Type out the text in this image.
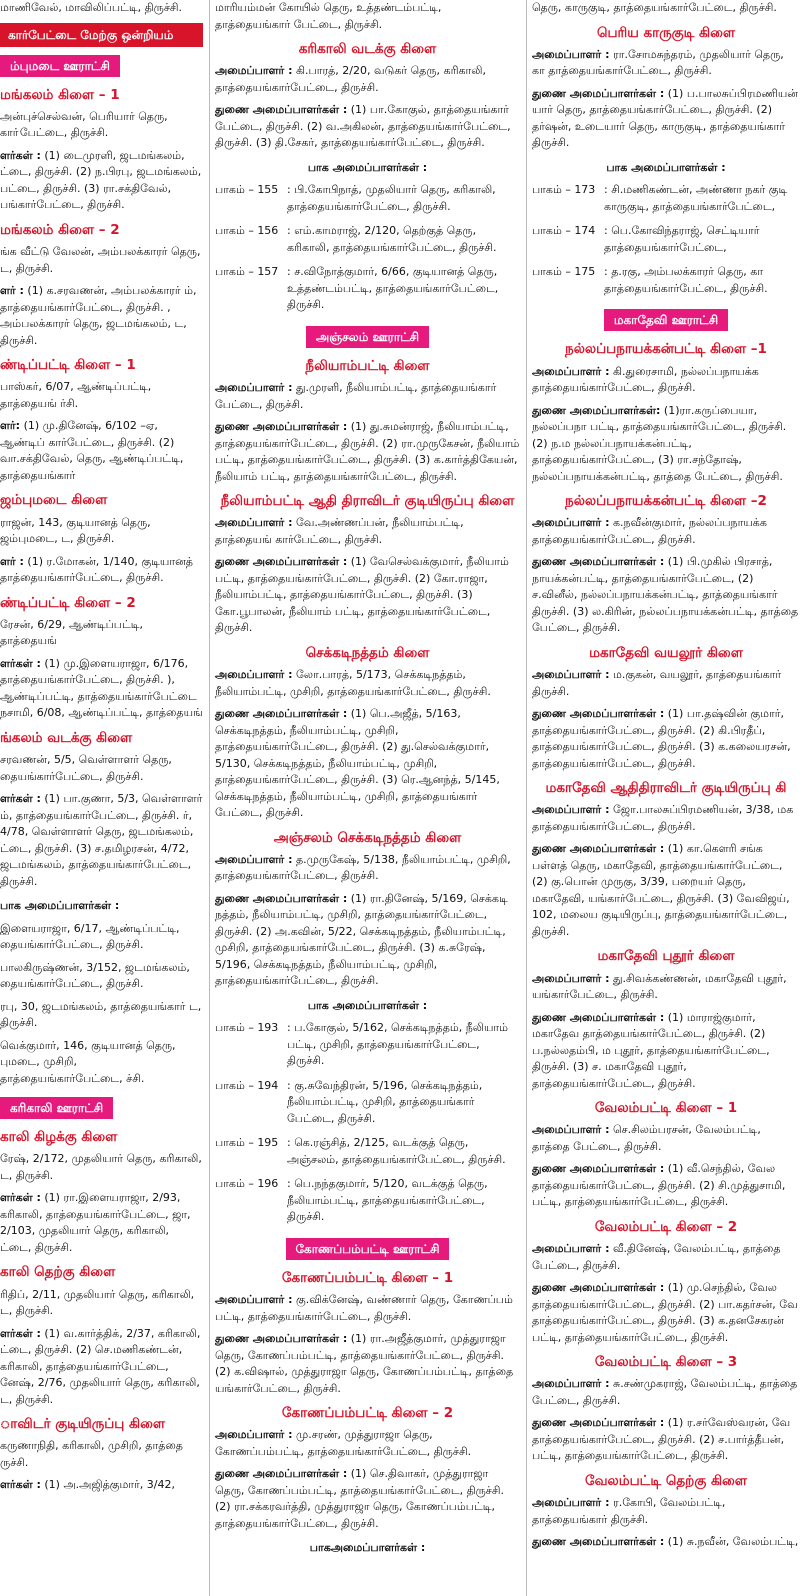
மாணிவேல், மாவிலிப்பட்டி, திருச்சி.
கார்பேட்டை மேற்கு ஒன்றியம்
ம்புமடை ஊராட்சி
மங்கலம் கிளை – 1
அன்புச்செல்வன், பெரியார் தெரு, காா்பேட்டை, திருச்சி.
ளர்கள் : (1) டைமுரளி, ஜடமங்கலம், ட்டை, திருச்சி. (2) ந.பிரபு, ஜடமங்கலம், பட்டை, திருச்சி. (3) ரா.சக்திவேல், பங்கார்பேட்டை, திருச்சி.
மங்கலம் கிளை – 2
ங்க வீட்டு வேலன், அம்பலக்காரர் தெரு, ட, திருச்சி.
ளர் : (1) க.சரவணன், அம்பலக்காரர் ம், தாத்தையங்கார்பேட்டை, திருச்சி. , அம்பலக்காரர் தெரு, ஜடமங்கலம், ட, திருச்சி.
ண்டிப்பட்டி கிளை – 1
பாஸ்கர், 6/07, ஆண்டிப்பட்டி, தாத்தையங் ர்சி.
ளர்: (1) மு.தினேஷ், 6/102 –ஏ, ஆண்டிப் கார்பேட்டை, திருச்சி. (2) வா.சக்திவேல், தெரு, ஆண்டிப்பட்டி, தாத்தையங்கார்
ஜம்புமடை கிளை
ராஜன், 143, குடியானத் தெரு, ஜம்புமடை, ட, திருச்சி.
ளர் : (1) ர.மோகன், 1/140, குடியானத் தாத்தையங்கார்பேட்டை, திருச்சி.
ண்டிப்பட்டி கிளை – 2
ரேசன், 6/29, ஆண்டிப்பட்டி, தாத்தையங்
ளர்கள் : (1) மு.இளையராஜா, 6/176, தாத்தையங்கார்பேட்டை, திருச்சி. ), ஆண்டிப்பட்டி, தாத்தையங்கார்பேட்டை நசாமி, 6/08, ஆண்டிப்பட்டி, தாத்தையங்
ங்கலம் வடக்கு கிளை
சரவணன், 5/5, வெள்ளாளர் தெரு, தையங்கார்பேட்டை, திருச்சி.
ளர்கள் : (1) பா.குணா, 5/3, வெள்ளாளர் ம், தாத்தையங்கார்பேட்டை, திருச்சி. ர், 4/78, வெள்ளாளர் தெரு, ஜடமங்கலம், ட்டை, திருச்சி. (3) ச.தமிழரசன், 4/72, ஜடமங்கலம், தாத்தையங்கார்பேட்டை, திருச்சி.
பாக அமைப்பாளர்கள் :
இளையராஜா, 6/17, ஆண்டிப்பட்டி, தையங்கார்பேட்டை, திருச்சி.
பாலகிருஷ்ணன், 3/152, ஜடமங்கலம், தையங்கார்பேட்டை, திருச்சி.
ரபு, 30, ஜடமங்கலம், தாத்தையங்கார் ட, திருச்சி.
வெக்குமார், 146, குடியானத் தெரு, புமடை, முசிறி, தாத்தையங்கார்பேட்டை, ச்சி.
கரிகாலி ஊராட்சி
காலி கிழக்கு கிளை
ரேஷ், 2/172, முதலியார் தெரு, கரிகாலி, ட, திருச்சி.
ளர்கள் : (1) ரா.இளையராஜா, 2/93, கரிகாலி, தாத்தையங்கார்பேட்டை, ஜா, 2/103, முதலியார் தெரு, கரிகாலி, ட்டை, திருச்சி.
காலி தெற்கு கிளை
ரிதிப், 2/11, முதலியார் தெரு, கரிகாலி, ட, திருச்சி.
ளர்கள் : (1) வ.கார்த்திக், 2/37, கரிகாலி, ட்டை, திருச்சி. (2) செ.மணிகண்டன், கரிகாலி, தாத்தையங்கார்பேட்டை, னேஷ், 2/76, முதலியார் தெரு, கரிகாலி, ட, திருச்சி.
ாவிடர் குடியிருப்பு கிளை
கருணாநிதி, கரிகாலி, முசிறி, தாத்தை ருச்சி.
ளர்கள் : (1) அ.அஜித்குமார், 3/42,
மாரியம்மன் கோயில் தெரு, உத்தண்டம்பட்டி, தாத்தையங்கார் பேட்டை, திருச்சி.
கரிகாலி வடக்கு கிளை
அமைப்பாளர் : கி.பாரத், 2/20, வடுகர் தெரு, கரிகாலி, தாத்தையங்கார்பேட்டை, திருச்சி.
துணை அமைப்பாளர்கள் : (1) பா.கோகுல், தாத்தையங்கார் பேட்டை, திருச்சி. (2) வ.அகிலன், தாத்தையங்கார்பேட்டை, திருச்சி. (3) தி.சேகர், தாத்தையங்கார்பேட்டை, திருச்சி.
பாக அமைப்பாளர்கள் :
பாகம் – 155 : பி.கோபிநாத், முதலியார் தெரு, கரிகாலி, தாத்தையங்கார்பேட்டை, திருச்சி.
பாகம் – 156 : எம்.காமராஜ், 2/120, தெற்குத் தெரு, கரிகாலி, தாத்தையங்கார்பேட்டை, திருச்சி.
பாகம் – 157 : ச.விநோத்குமார், 6/66, குடியானத் தெரு, உத்தண்டம்பட்டி, தாத்தையங்கார்பேட்டை, திருச்சி.
அஞ்சலம் ஊராட்சி
நீலியாம்பட்டி கிளை
அமைப்பாளர் : து.முரளி, நீலியாம்பட்டி, தாத்தையங்கார் பேட்டை, திருச்சி.
துணை அமைப்பாளர்கள் : (1) து.சுமன்ராஜ், நீலியாம்பட்டி, தாத்தையங்கார்பேட்டை, திருச்சி. (2) ரா.முருகேசன், நீலியாம் பட்டி, தாத்தையங்கார்பேட்டை, திருச்சி. (3) க.கார்த்திகேயன், நீலியாம் பட்டி, தாத்தையங்கார்பேட்டை, திருச்சி.
நீலியாம்பட்டி ஆதி திராவிடர் குடியிருப்பு கிளை
அமைப்பாளர் : வே.அண்ணப்பன், நீலியாம்பட்டி, தாத்தையங் கார்பேட்டை, திருச்சி.
துணை அமைப்பாளர்கள் : (1) வேசெல்வக்குமார், நீலியாம் பட்டி, தாத்தையங்கார்பேட்டை, திருச்சி. (2) கோ.ராஜா, நீலியாம்பட்டி, தாத்தையங்கார்பேட்டை, திருச்சி. (3) கோ.பூபாலன், நீலியாம் பட்டி, தாத்தையங்கார்பேட்டை, திருச்சி.
செக்கடிநத்தம் கிளை
அமைப்பாளர் : லோ.பாரத், 5/173, செக்கடிநத்தம், நீலியாம்பட்டி, முசிறி, தாத்தையங்கார்பேட்டை, திருச்சி.
துணை அமைப்பாளர்கள் : (1) பெ.அஜீத், 5/163, செக்கடிநத்தம், நீலியாம்பட்டி, முசிறி, தாத்தையங்கார்பேட்டை, திருச்சி. (2) து.செல்வக்குமார், 5/130, செக்கடிநத்தம், நீலியாம்பட்டி, முசிறி, தாத்தையங்கார்பேட்டை, திருச்சி. (3) ரெ.ஆனந்த், 5/145, செக்கடிநத்தம், நீலியாம்பட்டி, முசிறி, தாத்தையங்கார் பேட்டை, திருச்சி.
அஞ்சலம் செக்கடிநத்தம் கிளை
அமைப்பாளர் : த.முருகேஷ், 5/138, நீலியாம்பட்டி, முசிறி, தாத்தையங்கார்பேட்டை, திருச்சி.
துணை அமைப்பாளர்கள் : (1) ரா.தினேஷ், 5/169, செக்கடி நத்தம், நீலியாம்பட்டி, முசிறி, தாத்தையங்கார்பேட்டை, திருச்சி. (2) அ.கவின், 5/22, செக்கடிநத்தம், நீலியாம்பட்டி, முசிறி, தாத்தையங்கார்பேட்டை, திருச்சி. (3) க.சுரேஷ், 5/196, செக்கடிநத்தம், நீலியாம்பட்டி, முசிறி, தாத்தையங்கார்பேட்டை, திருச்சி.
பாக அமைப்பாளர்கள் :
பாகம் – 193 : ப.கோகுல், 5/162, செக்கடிநத்தம், நீலியாம் பட்டி, முசிறி, தாத்தையங்கார்பேட்டை, திருச்சி.
பாகம் – 194 : கு.சுவேந்திரன், 5/196, செக்கடிநத்தம், நீலியாம்பட்டி, முசிறி, தாத்தையங்கார் பேட்டை, திருச்சி.
பாகம் – 195 : கெ.ரஞ்சித், 2/125, வடக்குத் தெரு, அஞ்சலம், தாத்தையங்கார்பேட்டை, திருச்சி.
பாகம் – 196 : பெ.நந்தகுமார், 5/120, வடக்குத் தெரு, நீலியாம்பட்டி, தாத்தையங்கார்பேட்டை, திருச்சி.
கோணப்பம்பட்டி ஊராட்சி
கோணப்பம்பட்டி கிளை – 1
அமைப்பாளர் : கு.விக்னேஷ், வண்ணார் தெரு, கோணப்பம் பட்டி, தாத்தையங்கார்பேட்டை, திருச்சி.
துணை அமைப்பாளர்கள் : (1) ரா.அஜீத்குமார், முத்துராஜா தெரு, கோணப்பம்பட்டி, தாத்தையங்கார்பேட்டை, திருச்சி. (2) க.விஷால், முத்துராஜா தெரு, கோணப்பம்பட்டி, தாத்தை யங்கார்பேட்டை, திருச்சி.
கோணப்பம்பட்டி கிளை – 2
அமைப்பாளர் : மு.சரண், முத்துராஜா தெரு, கோணப்பம்பட்டி, தாத்தையங்கார்பேட்டை, திருச்சி.
துணை அமைப்பாளர்கள் : (1) செ.திவாகர், முத்துராஜா தெரு, கோணப்பம்பட்டி, தாத்தையங்கார்பேட்டை, திருச்சி. (2) ரா.சக்கரவர்த்தி, முத்துராஜா தெரு, கோணப்பம்பட்டி, தாத்தையங்கார்பேட்டை, திருச்சி.
பாகஅமைப்பாளர்கள் :
தெரு, காருகுடி, தாத்தையங்கார்பேட்டை, திருச்சி.
பெரிய காருகுடி கிளை
அமைப்பாளர் : ரா.சோமசுந்தரம், முதலியார் தெரு, கா தாத்தையங்கார்பேட்டை, திருச்சி.
துணை அமைப்பாளர்கள் : (1) ப.பாலசுப்பிரமணியன் யார் தெரு, தாத்தையங்கார்பேட்டை, திருச்சி. (2) தர்ஷன், உடையார் தெரு, காருகுடி, தாத்தையங்கார் திருச்சி.
பாக அமைப்பாளர்கள் :
பாகம் – 173 : சி.மணிகண்டன், அண்ணா நகர் குடி காருகுடி, தாத்தையங்கார்பேட்டை,
பாகம் – 174 : பெ.கோவிந்தராஜ், செட்டியார் தாத்தையங்கார்பேட்டை,
பாகம் – 175 : த.ரகு, அம்பலக்காரர் தெரு, கா தாத்தையங்கார்பேட்டை, திருச்சி.
மகாதேவி ஊராட்சி
நல்லப்பநாயக்கன்பட்டி கிளை –1
அமைப்பாளர் : கி.துரைசாமி, நல்லப்பநாயக்க தாத்தையங்கார்பேட்டை, திருச்சி.
துணை அமைப்பாளர்கள்: (1)ரா.கருப்பையா, நல்லப்பநா பட்டி, தாத்தையங்கார்பேட்டை, திருச்சி. (2) ந.ம நல்லப்பநாயக்கன்பட்டி, தாத்தையங்கார்பேட்டை, (3) ரா.சந்தோஷ், நல்லப்பநாயக்கன்பட்டி, தாத்தை பேட்டை, திருச்சி.
நல்லப்பநாயக்கன்பட்டி கிளை –2
அமைப்பாளர் : க.நவீன்குமார், நல்லப்பநாயக்க தாத்தையங்கார்பேட்டை, திருச்சி.
துணை அமைப்பாளர்கள் : (1) பி.முகில் பிரசாத், நாயக்கன்பட்டி, தாத்தையங்கார்பேட்டை, (2) ச.வினீல், நல்லப்பநாயக்கன்பட்டி, தாத்தையங்கார் திருச்சி. (3) ல.கிரின், நல்லப்பநாயக்கன்பட்டி, தாத்தை பேட்டை, திருச்சி.
மகாதேவி வயலூர் கிளை
அமைப்பாளர் : ம.குகன், வயலூர், தாத்தையங்கார் திருச்சி.
துணை அமைப்பாளர்கள் : (1) பா.தஷ்வின் குமார், தாத்தையங்கார்பேட்டை, திருச்சி. (2) கி.பிரதீப், தாத்தையங்கார்பேட்டை, திருச்சி. (3) க.கலையரசன், தாத்தையங்கார்பேட்டை, திருச்சி.
மகாதேவி ஆதிதிராவிடர் குடியிருப்பு கி
அமைப்பாளர் : ஜோ.பாலசுப்பிரமணியன், 3/38, மக தாத்தையங்கார்பேட்டை, திருச்சி.
துணை அமைப்பாளர்கள் : (1) கா.கௌரி சங்க பள்ளத் தெரு, மகாதேவி, தாத்தையங்கார்பேட்டை, (2) கு.பொன் முருகு, 3/39, பறையர் தெரு, மகாதேவி, யங்கார்பேட்டை, திருச்சி. (3) வேவிஜய், 102, மலைய குடியிருப்பு, தாத்தையங்கார்பேட்டை, திருச்சி.
மகாதேவி புதூர் கிளை
அமைப்பாளர் : து.சிவக்கண்ணன், மகாதேவி புதூர், யங்கார்பேட்டை, திருச்சி.
துணை அமைப்பாளர்கள் : (1) மாராஜ்குமார், மகாதேவ தாத்தையங்கார்பேட்டை, திருச்சி. (2) ப.நல்லதம்பி, ம புதூர், தாத்தையங்கார்பேட்டை, திருச்சி. (3) ச. மகாதேவி புதூர், தாத்தையங்கார்பேட்டை, திருச்சி.
வேலம்பட்டி கிளை – 1
அமைப்பாளர் : செ.சிலம்பரசன், வேலம்பட்டி, தாத்தை பேட்டை, திருச்சி.
துணை அமைப்பாளர்கள் : (1) வீ.செந்தில், வேல தாத்தையங்கார்பேட்டை, திருச்சி. (2) சி.முத்துசாமி, பட்டி, தாத்தையங்கார்பேட்டை, திருச்சி.
வேலம்பட்டி கிளை – 2
அமைப்பாளர் : வீ.தினேஷ், வேலம்பட்டி, தாத்தை பேட்டை, திருச்சி.
துணை அமைப்பாளர்கள் : (1) மு.செந்தில், வேல தாத்தையங்கார்பேட்டை, திருச்சி. (2) பா.கதர்சன், வே தாத்தையங்கார்பேட்டை, திருச்சி. (3) க.தனசேகரன் பட்டி, தாத்தையங்கார்பேட்டை, திருச்சி.
வேலம்பட்டி கிளை – 3
அமைப்பாளர் : சு.சண்முகராஜ், வேலம்பட்டி, தாத்தை பேட்டை, திருச்சி.
துணை அமைப்பாளர்கள் : (1) ர.சர்வேஸ்வரன், வே தாத்தையங்கார்பேட்டை, திருச்சி. (2) ச.பார்த்தீபன், பட்டி, தாத்தையங்கார்பேட்டை, திருச்சி.
வேலம்பட்டி தெற்கு கிளை
அமைப்பாளர் : ர.கோபி, வேலம்பட்டி, தாத்தையங்கார் திருச்சி.
துணை அமைப்பாளர்கள் : (1) சு.நவீன், வேலம்பட்டி,
